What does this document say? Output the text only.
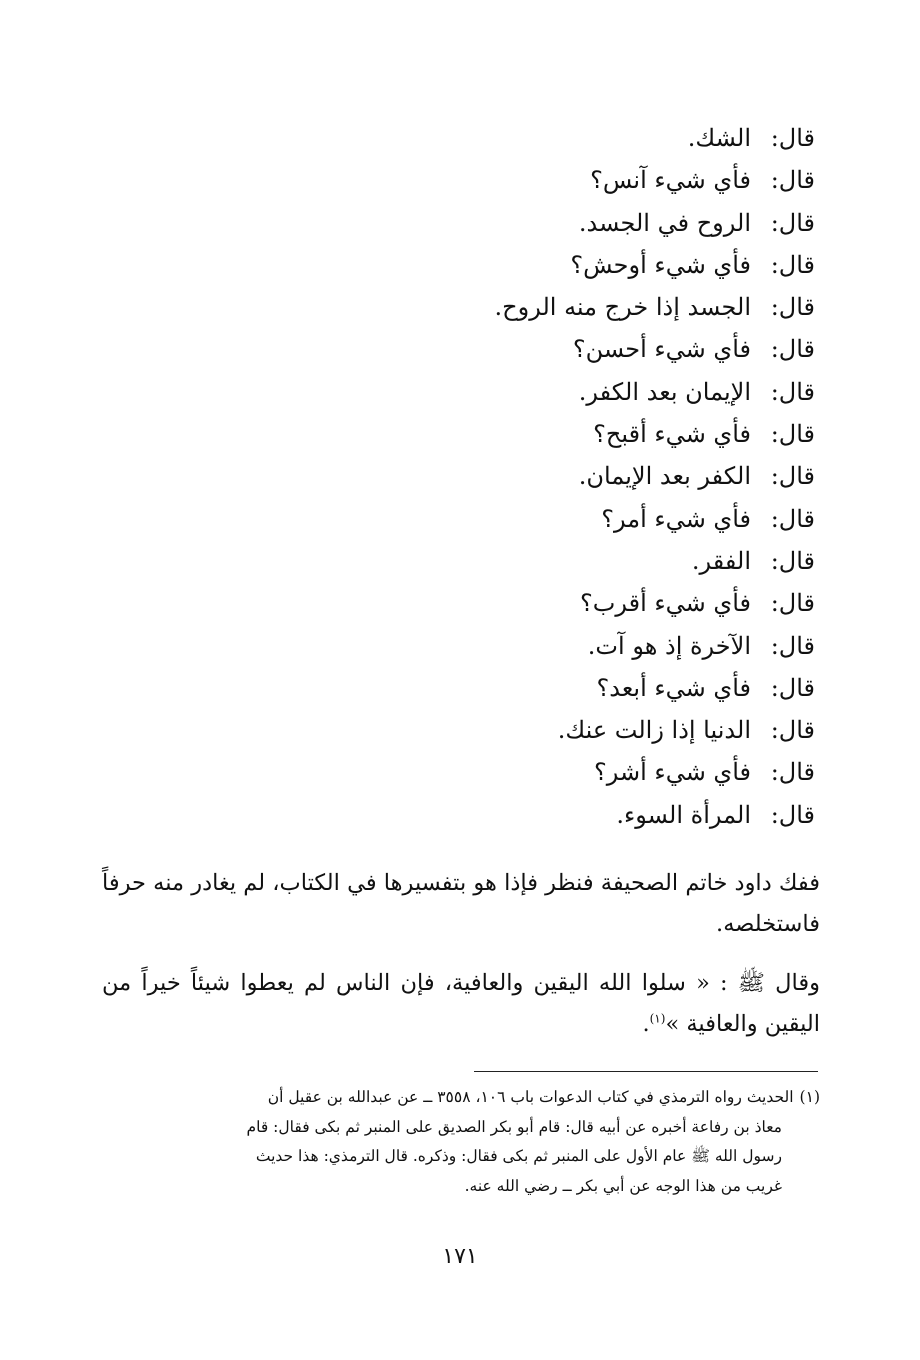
قال:
الشك.
قال:
فأي شيء آنس؟
قال:
الروح في الجسد.
قال:
فأي شيء أوحش؟
قال:
الجسد إذا خرج منه الروح.
قال:
فأي شيء أحسن؟
قال:
الإيمان بعد الكفر.
قال:
فأي شيء أقبح؟
قال:
الكفر بعد الإيمان.
قال:
فأي شيء أمر؟
قال:
الفقر.
قال:
فأي شيء أقرب؟
قال:
الآخرة إذ هو آت.
قال:
فأي شيء أبعد؟
قال:
الدنيا إذا زالت عنك.
قال:
فأي شيء أشر؟
قال:
المرأة السوء.

ففك داود خاتم الصحيفة فنظر فإذا هو بتفسيرها في الكتاب، لم يغادر منه حرفاً فاستخلصه.

وقال ﷺ : « سلوا الله اليقين والعافية، فإن الناس لم يعطوا شيئاً خيراً من اليقين والعافية »$^{(١)}$.

(١)الحديث رواه الترمذي في كتاب الدعوات باب ١٠٦، ٣٥٥٨ ــ عن عبدالله بن عقيل أن
معاذ بن رفاعة أخبره عن أبيه قال: قام أبو بكر الصديق على المنبر ثم بكى فقال: قام
رسول الله ﷺ عام الأول على المنبر ثم بكى فقال: وذكره. قال الترمذي: هذا حديث
غريب من هذا الوجه عن أبي بكر ــ رضي الله عنه.
١٧١
